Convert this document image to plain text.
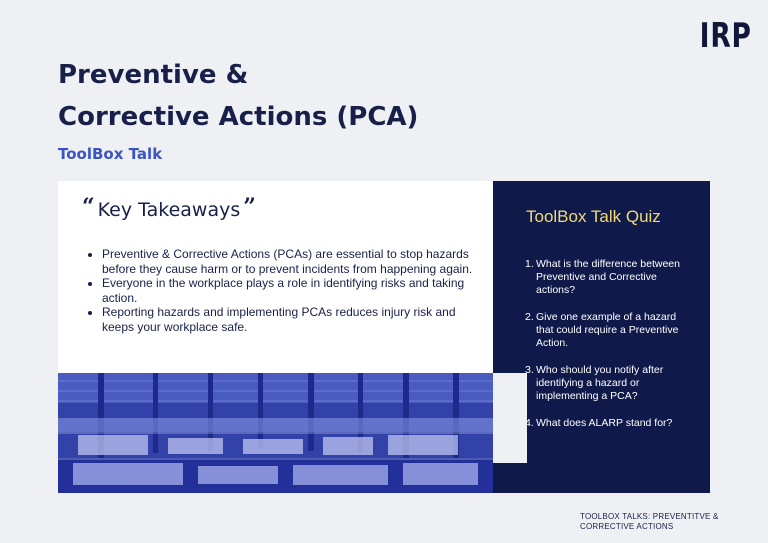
IRP
Preventive &
Corrective Actions (PCA)
ToolBox Talk
“ Key Takeaways ”
• Preventive & Corrective Actions (PCAs) are essential to stop hazards before they cause harm or to prevent incidents from happening again.
• Everyone in the workplace plays a role in identifying risks and taking action.
• Reporting hazards and implementing PCAs reduces injury risk and keeps your workplace safe.
ToolBox Talk Quiz
1. What is the difference between Preventive and Corrective actions?
2. Give one example of a hazard that could require a Preventive Action.
3. Who should you notify after identifying a hazard or implementing a PCA?
4. What does ALARP stand for?
TOOLBOX TALKS: PREVENTITVE &
CORRECTIVE ACTIONS
